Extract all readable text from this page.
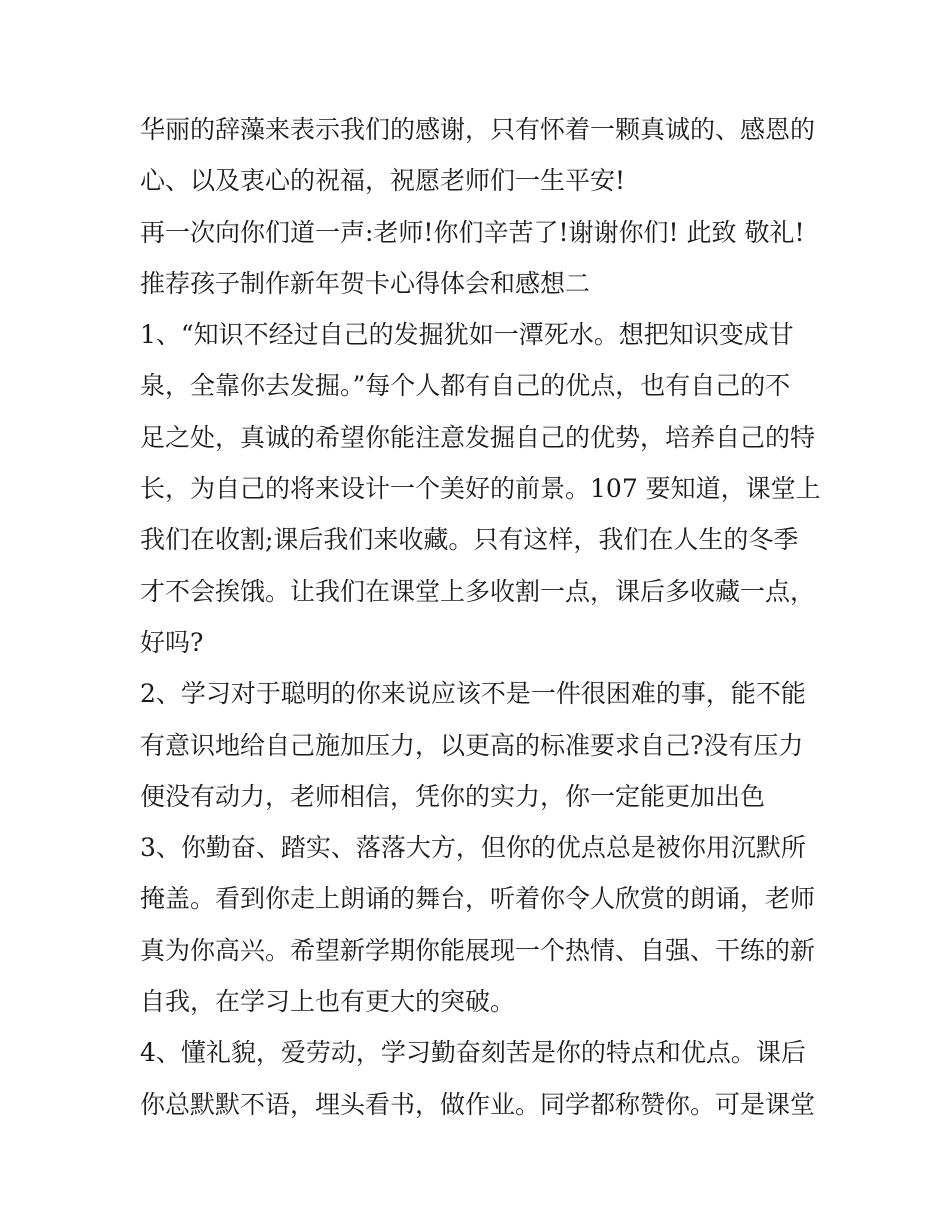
华丽的辞藻来表示我们的感谢，只有怀着一颗真诚的、感恩的
心、以及衷心的祝福，祝愿老师们一生平安!
再一次向你们道一声:老师!你们辛苦了!谢谢你们! 此致 敬礼!
推荐孩子制作新年贺卡心得体会和感想二
1、“知识不经过自己的发掘犹如一潭死水。想把知识变成甘
泉，全靠你去发掘。”每个人都有自己的优点，也有自己的不
足之处，真诚的希望你能注意发掘自己的优势，培养自己的特
长，为自己的将来设计一个美好的前景。107 要知道，课堂上
我们在收割;课后我们来收藏。只有这样，我们在人生的冬季
才不会挨饿。让我们在课堂上多收割一点，课后多收藏一点，
好吗?
2、学习对于聪明的你来说应该不是一件很困难的事，能不能
有意识地给自己施加压力，以更高的标准要求自己?没有压力
便没有动力，老师相信，凭你的实力，你一定能更加出色
3、你勤奋、踏实、落落大方，但你的优点总是被你用沉默所
掩盖。看到你走上朗诵的舞台，听着你令人欣赏的朗诵，老师
真为你高兴。希望新学期你能展现一个热情、自强、干练的新
自我，在学习上也有更大的突破。
4、懂礼貌，爱劳动，学习勤奋刻苦是你的特点和优点。课后
你总默默不语，埋头看书，做作业。同学都称赞你。可是课堂
